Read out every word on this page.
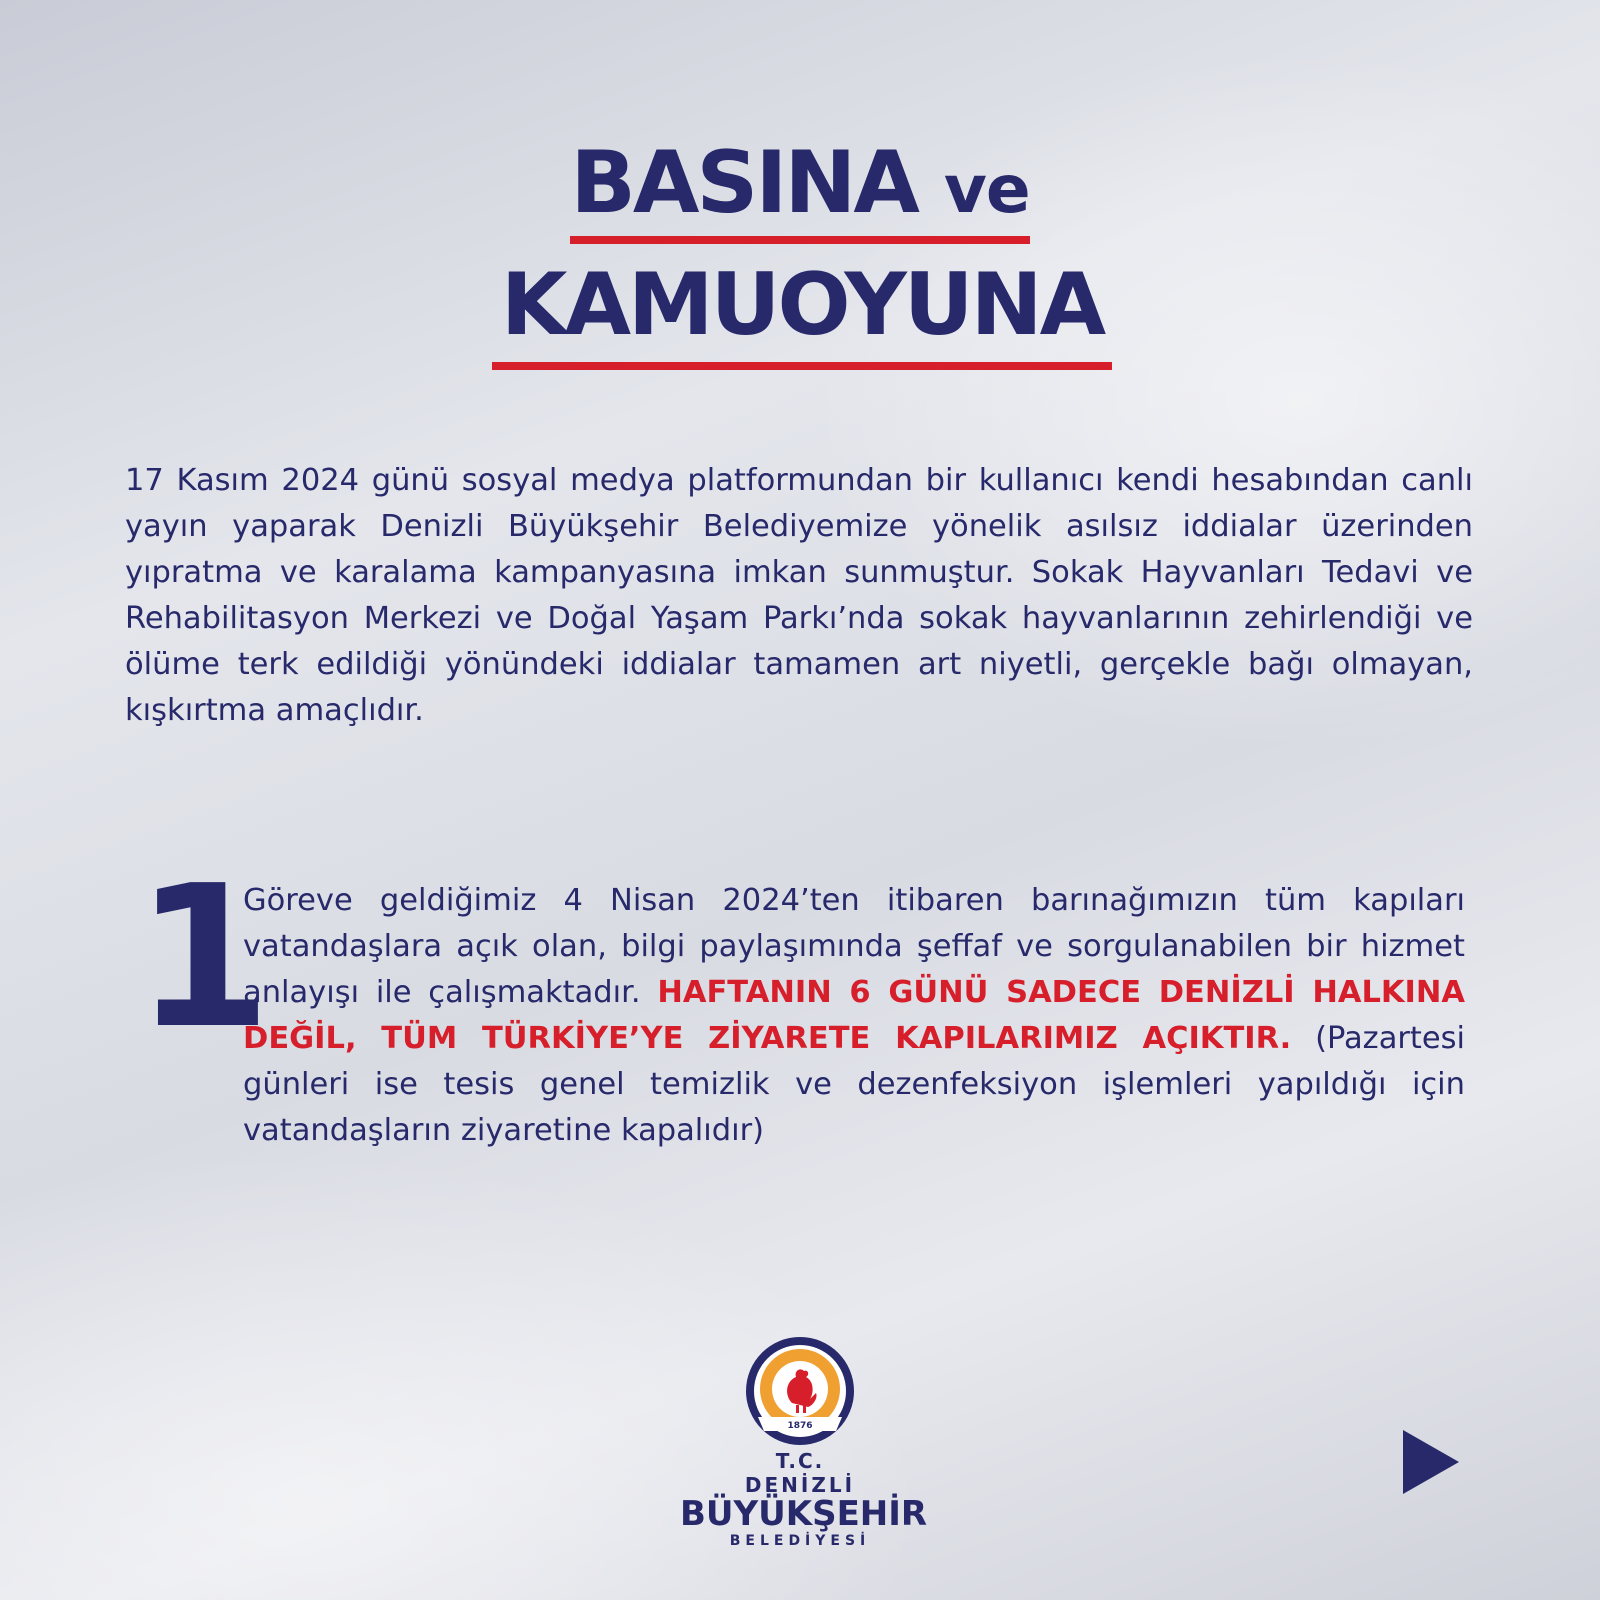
BASINA ve
KAMUOYUNA

17 Kasım 2024 günü sosyal medya platformundan bir kullanıcı kendi hesabından canlı yayın yaparak Denizli Büyükşehir Belediyemize yönelik asılsız iddialar üzerinden yıpratma ve karalama kampanyasına imkan sunmuştur. Sokak Hayvanları Tedavi ve Rehabilitasyon Merkezi ve Doğal Yaşam Parkı’nda sokak hayvanlarının zehirlendiği ve ölüme terk edildiği yönündeki iddialar tamamen art niyetli, gerçekle bağı olmayan, kışkırtma amaçlıdır.

1

Göreve geldiğimiz 4 Nisan 2024’ten itibaren barınağımızın tüm kapıları vatandaşlara açık olan, bilgi paylaşımında şeffaf ve sorgulanabilen bir hizmet anlayışı ile çalışmaktadır. HAFTANIN 6 GÜNÜ SADECE DENİZLİ HALKINA DEĞİL, TÜM TÜRKİYE’YE ZİYARETE KAPILARIMIZ AÇIKTIR. (Pazartesi günleri ise tesis genel temizlik ve dezenfeksiyon işlemleri yapıldığı için vatandaşların ziyaretine kapalıdır)

1876
T.C.
DENİZLİ
BÜYÜKŞEHİR
BELEDİYESİ
